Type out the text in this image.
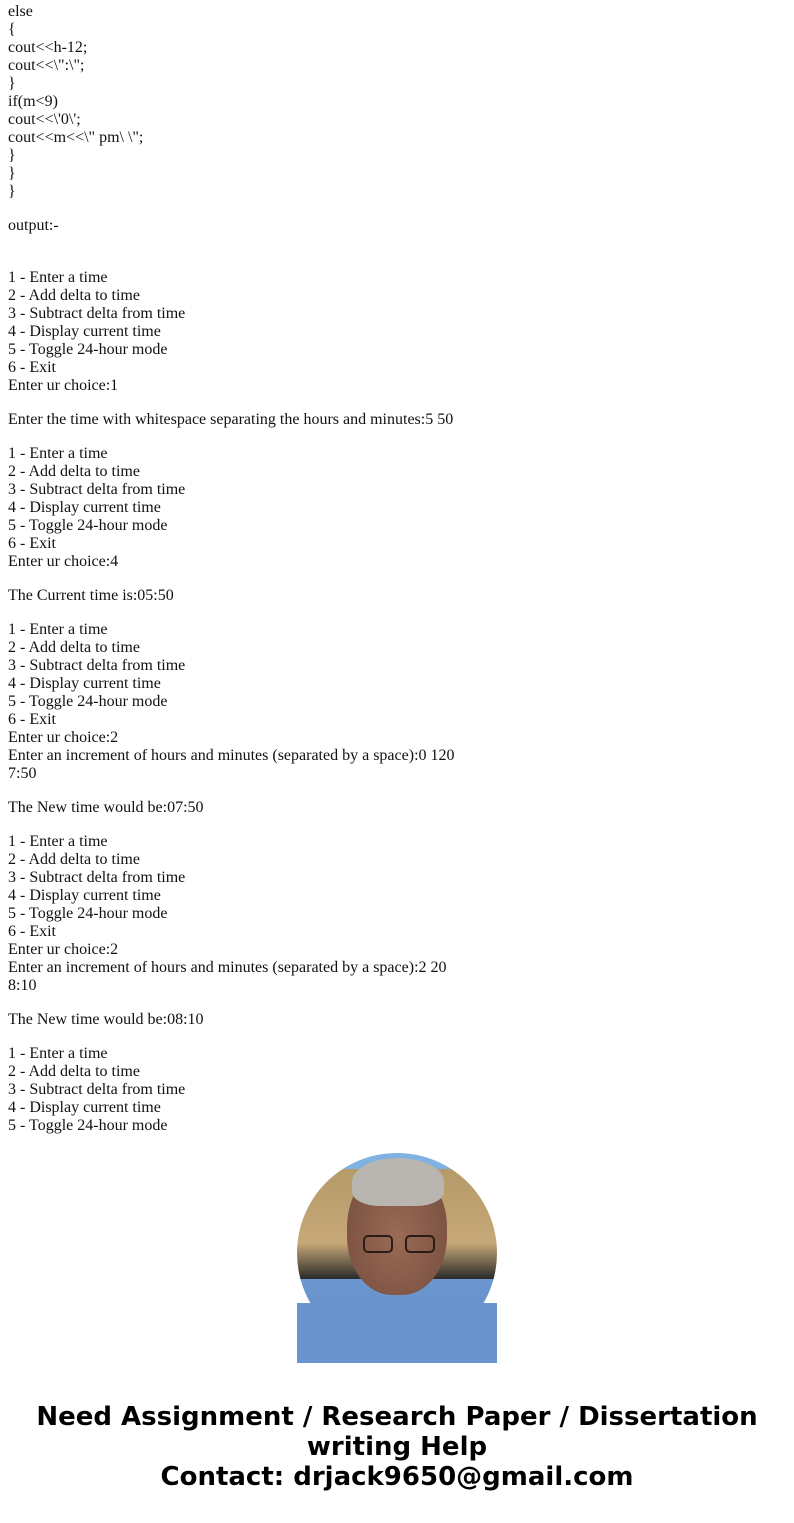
else
{
cout<<h-12;
cout<<\":\";
}
if(m<9)
cout<<\'0\';
cout<<m<<\" pm\ \";
}
}
}
output:-
1 - Enter a time
2 - Add delta to time
3 - Subtract delta from time
4 - Display current time
5 - Toggle 24-hour mode
6 - Exit
Enter ur choice:1
Enter the time with whitespace separating the hours and minutes:5 50
1 - Enter a time
2 - Add delta to time
3 - Subtract delta from time
4 - Display current time
5 - Toggle 24-hour mode
6 - Exit
Enter ur choice:4
The Current time is:05:50
1 - Enter a time
2 - Add delta to time
3 - Subtract delta from time
4 - Display current time
5 - Toggle 24-hour mode
6 - Exit
Enter ur choice:2
Enter an increment of hours and minutes (separated by a space):0 120
7:50
The New time would be:07:50
1 - Enter a time
2 - Add delta to time
3 - Subtract delta from time
4 - Display current time
5 - Toggle 24-hour mode
6 - Exit
Enter ur choice:2
Enter an increment of hours and minutes (separated by a space):2 20
8:10
The New time would be:08:10
1 - Enter a time
2 - Add delta to time
3 - Subtract delta from time
4 - Display current time
5 - Toggle 24-hour mode
Need Assignment / Research Paper / Dissertation
writing Help
Contact: drjack9650@gmail.com
